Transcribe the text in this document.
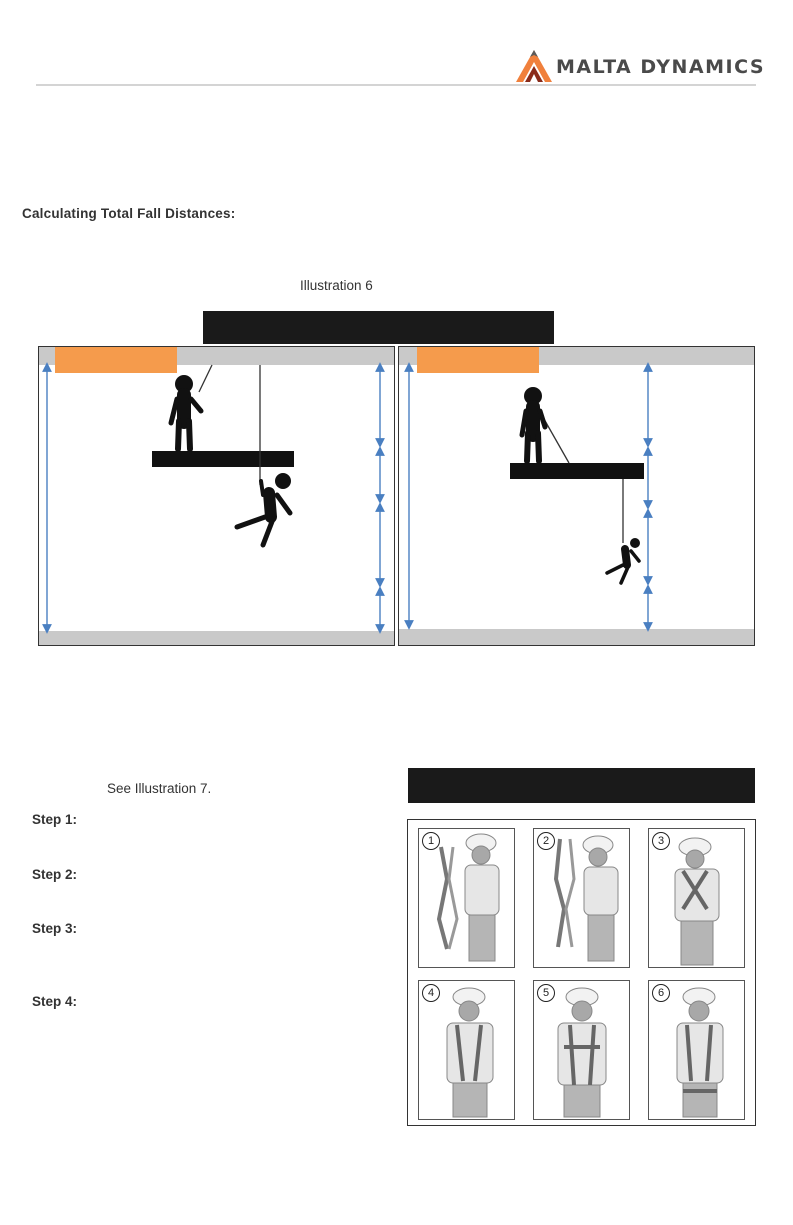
MALTA DYNAMICS
Calculating Total Fall Distances:
Illustration 6
See Illustration 7.
Step 1:
Step 2:
Step 3:
Step 4:
1	2	3
4	5	6
